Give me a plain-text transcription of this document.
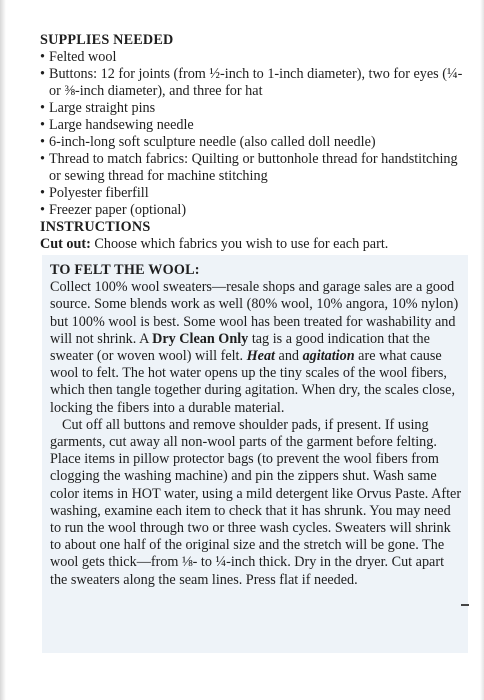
SUPPLIES NEEDED
• Felted wool
• Buttons: 12 for joints (from ½-inch to 1-inch diameter), two for eyes (¼- or ⅜-inch diameter), and three for hat
• Large straight pins
• Large handsewing needle
• 6-inch-long soft sculpture needle (also called doll needle)
• Thread to match fabrics: Quilting or buttonhole thread for handstitching or sewing thread for machine stitching
• Polyester fiberfill
• Freezer paper (optional)
INSTRUCTIONS
Cut out: Choose which fabrics you wish to use for each part.
TO FELT THE WOOL:

Collect 100% wool sweaters—resale shops and garage sales are a good source. Some blends work as well (80% wool, 10% angora, 10% nylon) but 100% wool is best. Some wool has been treated for washability and will not shrink. A Dry Clean Only tag is a good indication that the sweater (or woven wool) will felt. Heat and agitation are what cause wool to felt. The hot water opens up the tiny scales of the wool fibers, which then tangle together during agitation. When dry, the scales close, locking the fibers into a durable material.

Cut off all buttons and remove shoulder pads, if present. If using garments, cut away all non-wool parts of the garment before felting. Place items in pillow protector bags (to prevent the wool fibers from clogging the washing machine) and pin the zippers shut. Wash same color items in HOT water, using a mild detergent like Orvus Paste. After washing, examine each item to check that it has shrunk. You may need to run the wool through two or three wash cycles. Sweaters will shrink to about one half of the original size and the stretch will be gone. The wool gets thick—from ⅛- to ¼-inch thick. Dry in the dryer. Cut apart the sweaters along the seam lines. Press flat if needed.
